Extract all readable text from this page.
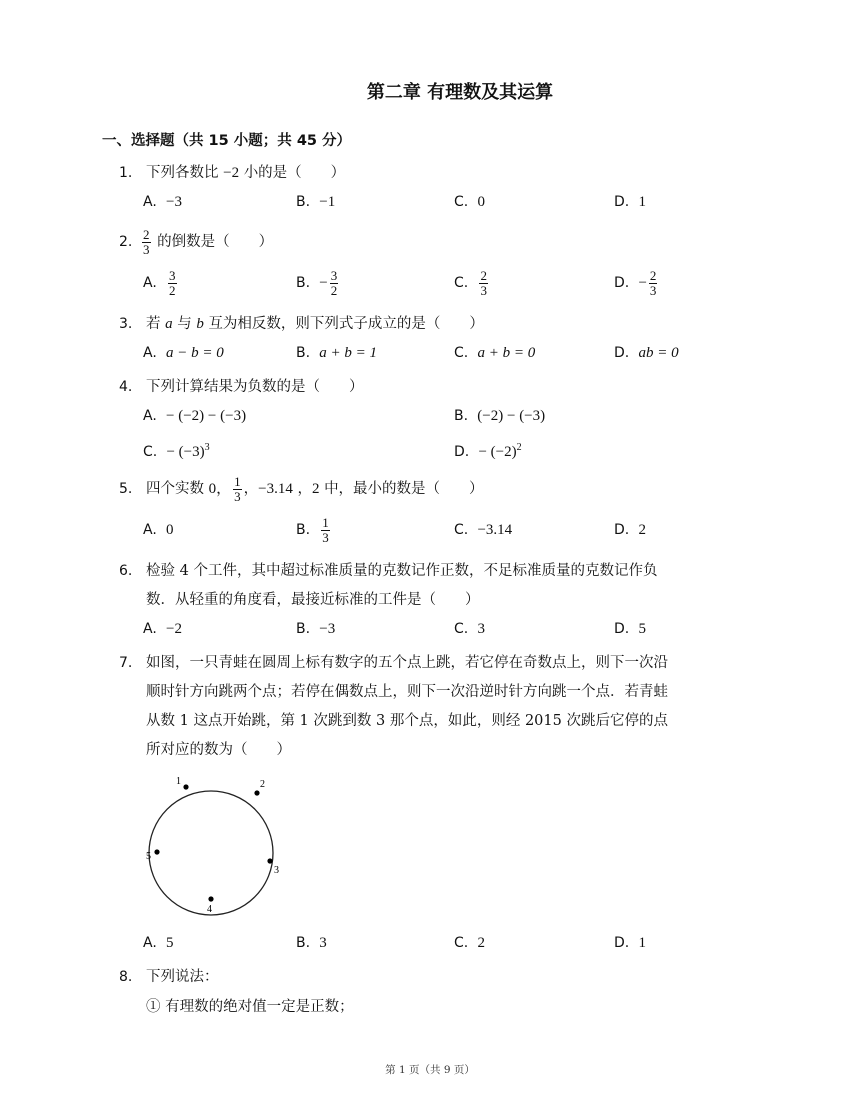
第二章 有理数及其运算
一、选择题（共 15 小题；共 45 分）
1. 下列各数比 −2 小的是（　　）
A. −3	B. −1	C. 0	D. 1
2. $\frac{2}{3}$ 的倒数是（　　）
A. $\frac{3}{2}$	B. − $\frac{3}{2}$	C. $\frac{2}{3}$	D. − $\frac{2}{3}$
3. 若 a 与 b 互为相反数，则下列式子成立的是（　　）
A. a − b = 0	B. a + b = 1	C. a + b = 0	D. ab = 0
4. 下列计算结果为负数的是（　　）
A. − (−2) − (−3)	B. (−2) − (−3)
C. − $(-3)^3$	D. − $(-2)^2$
5. 四个实数 0， $\frac{1}{3}$ ，−3.14 ，2 中，最小的数是（　　）
A. 0	B. $\frac{1}{3}$	C. −3.14	D. 2
6. 检验 4 个工件，其中超过标准质量的克数记作正数，不足标准质量的克数记作负
数．从轻重的角度看，最接近标准的工件是（　　）
A. −2	B. −3	C. 3	D. 5
7. 如图，一只青蛙在圆周上标有数字的五个点上跳，若它停在奇数点上，则下一次沿
顺时针方向跳两个点；若停在偶数点上，则下一次沿逆时针方向跳一个点．若青蛙
从数 1 这点开始跳，第 1 次跳到数 3 那个点，如此，则经 2015 次跳后它停的点
所对应的数为（　　）
1	2
3
4
5
A. 5	B. 3	C. 2	D. 1
8. 下列说法：
① 有理数的绝对值一定是正数；
第 1 页（共 9 页）
